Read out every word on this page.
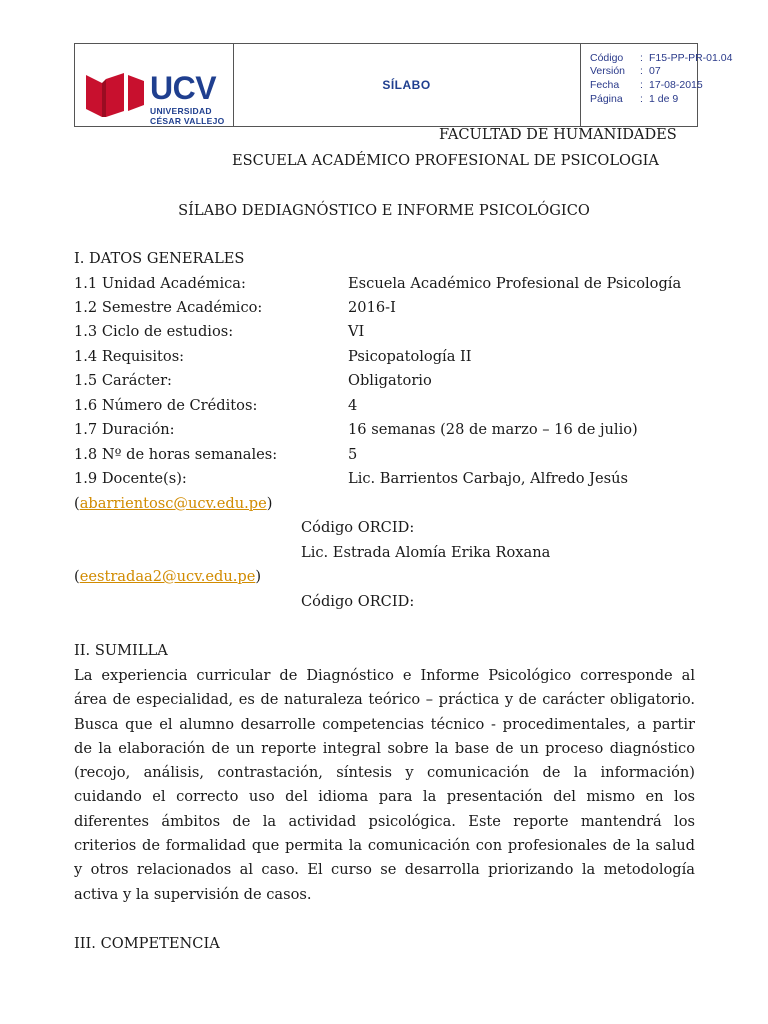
UCV
UNIVERSIDAD
CÉSAR VALLEJO
SÍLABO
Código : F15-PP-PR-01.04
Versión : 07
Fecha : 17-08-2015
Página : 1 de 9
FACULTAD DE HUMANIDADES
ESCUELA ACADÉMICO PROFESIONAL DE PSICOLOGIA
SÍLABO DEDIAGNÓSTICO E INFORME PSICOLÓGICO
I. DATOS GENERALES
1.1 Unidad Académica:	Escuela Académico Profesional de Psicología
1.2 Semestre Académico:	2016-I
1.3 Ciclo de estudios:	VI
1.4 Requisitos:	Psicopatología II
1.5 Carácter:	Obligatorio
1.6 Número de Créditos:	4
1.7 Duración:	16 semanas (28 de marzo – 16 de julio)
1.8 Nº de horas semanales:	5
1.9 Docente(s):	Lic. Barrientos Carbajo, Alfredo Jesús
(abarrientosc@ucv.edu.pe)
Código ORCID:
Lic. Estrada Alomía Erika Roxana
(eestradaa2@ucv.edu.pe)
Código ORCID:
II. SUMILLA
La experiencia curricular de Diagnóstico e Informe Psicológico corresponde al
área de especialidad, es de naturaleza teórico – práctica y de carácter obligatorio.
Busca que el alumno desarrolle competencias técnico - procedimentales, a partir
de la elaboración de un reporte integral sobre la base de un proceso diagnóstico
(recojo, análisis, contrastación, síntesis y comunicación de la información)
cuidando el correcto uso del idioma para la presentación del mismo en los
diferentes ámbitos de la actividad psicológica. Este reporte mantendrá los
criterios de formalidad que permita la comunicación con profesionales de la salud
y otros relacionados al caso. El curso se desarrolla priorizando la metodología
activa y la supervisión de casos.
III. COMPETENCIA
